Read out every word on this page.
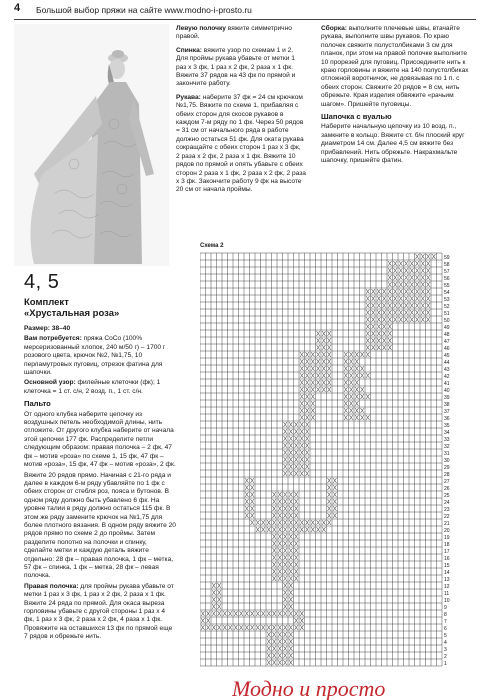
4 Большой выбор пряжи на сайте www.modno-i-prosto.ru

Левую полочку вяжите симметрично правой.

Спинка: вяжите узор по схемам 1 и 2. Для проймы рукава убавьте от метки 1 раз x 3 фк, 1 раз x 2 фк, 2 раза x 1 фк. Вяжите 37 рядов на 43 фк по прямой и закончите работу.

Рукава: наберите 37 фк = 24 см крючком №1,75. Вяжите по схеме 1, прибавляя с обеих сторон для скосов рукавов в каждом 7-м ряду по 1 фк. Через 50 рядов = 31 см от начального ряда в работе должно остаться 51 фк. Для окатa рукава сокращайте с обеих сторон 1 раз x 3 фк, 2 раза x 2 фк, 2 раза x 1 фк. Вяжите 10 рядов по прямой и опять убавьте с обеих сторон 2 раза x 1 фк, 2 раза x 2 фк, 2 раза x 3 фк. Закончите работу 9 фк на высоте 20 см от начала проймы.

Сборка: выполните плечевые швы, втачайте рукава, выполните швы рукавов. По краю полочек свяжите полустолбиками 3 см для планок, при этом на правой полочке выполните 10 прорезей для пуговиц. Присоедините нить к краю горловины и вяжите на 140 полустолбиках отложной воротничок, не довязывая по 1 п. с обеих сторон. Свяжите 20 рядов = 8 см, нить обрежьте. Края изделия обвяжите «рачьим шагом». Пришейте пуговицы.

Шапочка с вуалью

Наберите начальную цепочку из 10 возд. п., замкните в кольцо. Вяжите ст. б/н плоский круг диаметром 14 см. Далее 4,5 см вяжите без прибавлений. Нить обрежьте. Накрахмальте шапочку, пришейте фатин.

4, 5
Комплект
«Хрустальная роза»

Размер: 38–40

Вам потребуется: пряжа CoCo (100% мерсеризованный хлопок, 240 м/50 г) – 1700 г розового цвета, крючок №2, №1,75, 10 перламутровых пуговиц, отрезок фатина для шапочки.

Основной узор: филейные клеточки (фк); 1 клеточка = 1 ст. с/н, 2 возд. п., 1 ст. с/н.

Пальто

От одного клубка наберите цепочку из воздушных петель необходимой длины, нить отложите. От другого клубка наберите от начала этой цепочки 177 фк. Распределите петли следующим образом: правая полочка – 2 фк, 47 фк – мотив «роза» по схеме 1, 15 фк, 47 фк – мотив «роза», 15 фк, 47 фк – мотив «роза», 2 фк.

Вяжите 20 рядов прямо. Начиная с 21-го ряда и далее в каждом 6-м ряду убавляйте по 1 фк с обеих сторон от стебля роз, пояса и бутонов. В одном ряду должно быть убавлено 6 фк. На уровне талии в ряду должно остаться 115 фк. В этом же ряду замените крючок на №1,75 для более плотного вязания. В одном ряду вяжите 20 рядов прямо по схеме 2 до проймы. Затем разделите полотно на полочки и спинку, сделайте метки и каждую деталь вяжите отдельно: 28 фк – правая полочка, 1 фк – метка, 57 фк – спинка, 1 фк – метка, 28 фк – левая полочка.

Правая полочка: для проймы рукава убавьте от метки 1 раз x 3 фк, 1 раз x 2 фк, 2 раза x 1 фк. Вяжите 24 ряда по прямой. Для окаса выреза горловины убавьте с другой стороны 1 раз x 4 фк, 1 раз x 3 фк, 2 раза x 2 фк, 4 раза x 1 фк. Провяжите на оставшихся 13 фк по прямой еще 7 рядов и обрежьте нить.

Схема 2
1
2
3
4
5
6
7
8
9
10
11
12
13
14
15
16
17
18
19
20
21
22
23
24
25
26
27
28
29
30
31
32
33
34
35
36
37
38
39
40
41
42
43
44
45
46
47
48
49
50
51
52
53
54
55
56
57
58
59
Модно и просто
